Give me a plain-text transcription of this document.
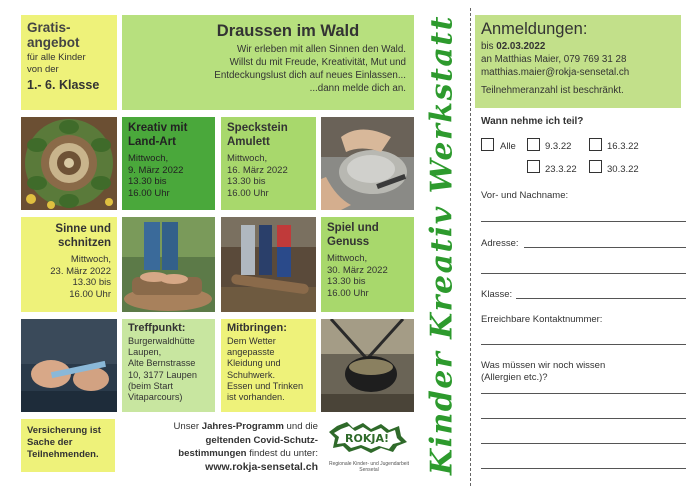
Gratis-
angebot
für alle Kinder
von der
1.- 6. Klasse
Draussen im Wald
Wir erleben mit allen Sinnen den Wald.
Willst du mit Freude, Kreativität, Mut und
Entdeckungslust dich auf neues Einlassen...
...dann melde dich an.
Kreativ mit Land-Art
Mittwoch,
9. März 2022
13.30 bis
16.00 Uhr
Speckstein Amulett
Mittwoch,
16. März 2022
13.30 bis
16.00 Uhr
Sinne und schnitzen
Mittwoch,
23. März 2022
13.30 bis
16.00 Uhr
Spiel und Genuss
Mittwoch,
30. März 2022
13.30 bis
16.00 Uhr
Treffpunkt:
Burgerwaldhütte
Laupen,
Alte Bernstrasse
10, 3177 Laupen
(beim Start
Vitaparcours)
Mitbringen:
Dem Wetter
angepasste
Kleidung und
Schuhwerk.
Essen und Trinken
ist vorhanden.
Versicherung ist
Sache der
Teilnehmenden.
Unser Jahres-Programm und die
geltenden Covid-Schutz-
bestimmungen findest du unter:
www.rokja-sensetal.ch
ROKJA!
Regionale Kinder- und Jugendarbeit Sensetal	Kinder Kreativ Werkstatt Anmeldungen:
bis 02.03.2022
an Matthias Maier, 079 769 31 28
matthias.maier@rokja-sensetal.ch
Teilnehmeranzahl ist beschränkt.
Wann nehme ich teil?
Alle	9.3.22	16.3.22
23.3.22	30.3.22
Vor- und Nachname:
Adresse:
Klasse:
Erreichbare Kontaktnummer:
Was müssen wir noch wissen
(Allergien etc.)?
